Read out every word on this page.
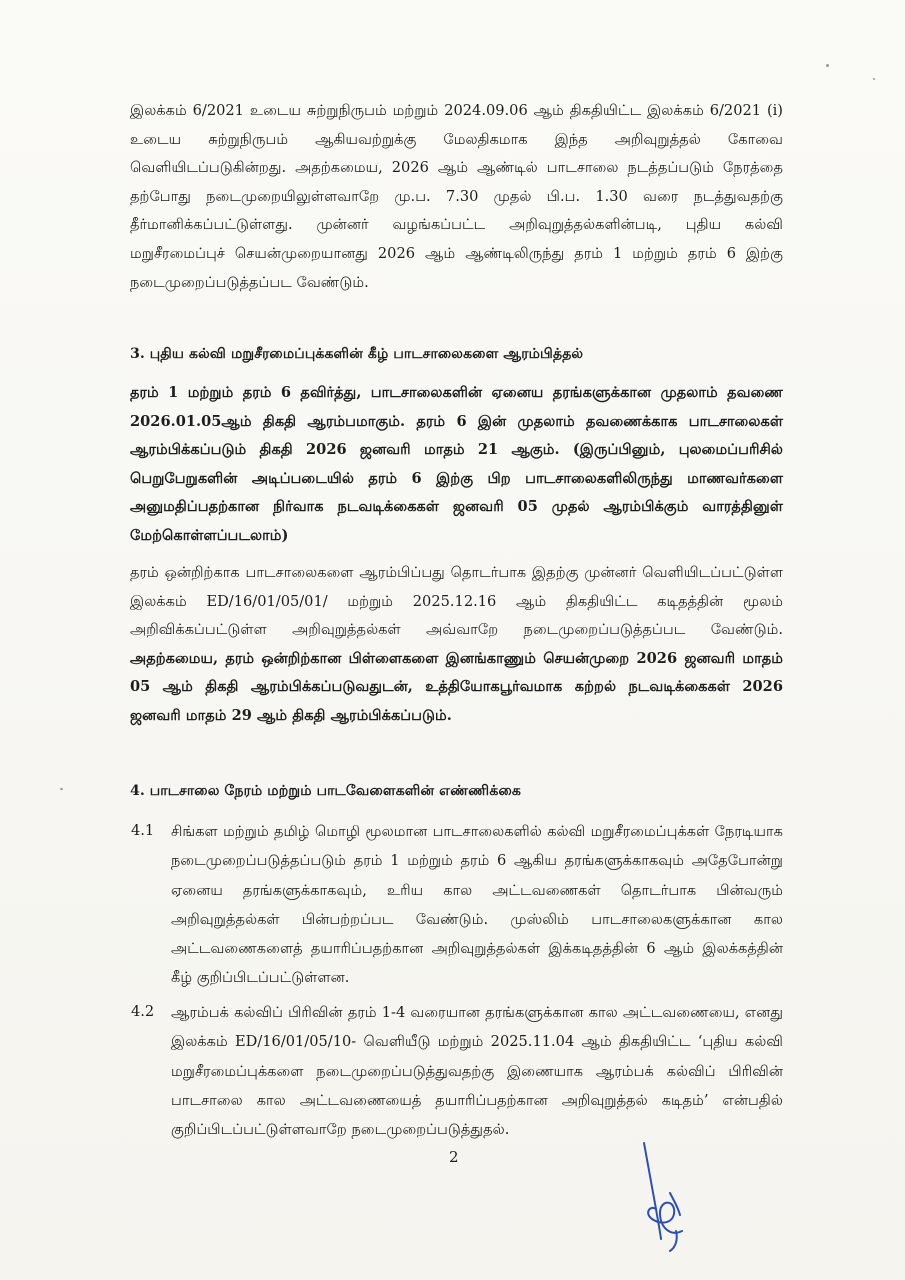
இலக்கம் 6/2021 உடைய சுற்றுநிருபம் மற்றும் 2024.09.06 ஆம் திகதியிட்ட இலக்கம் 6/2021 (i) உடைய சுற்றுநிருபம் ஆகியவற்றுக்கு மேலதிகமாக இந்த அறிவுறுத்தல் கோவை வெளியிடப்படுகின்றது. அதற்கமைய, 2026 ஆம் ஆண்டில் பாடசாலை நடத்தப்படும் நேரத்தை தற்போது நடைமுறையிலுள்ளவாறே மு.ப. 7.30 முதல் பி.ப. 1.30 வரை நடத்துவதற்கு தீர்மானிக்கப்பட்டுள்ளது. முன்னர் வழங்கப்பட்ட அறிவுறுத்தல்களின்படி, புதிய கல்வி மறுசீரமைப்புச் செயன்முறையானது 2026 ஆம் ஆண்டிலிருந்து தரம் 1 மற்றும் தரம் 6 இற்கு நடைமுறைப்படுத்தப்பட வேண்டும்.

3. புதிய கல்வி மறுசீரமைப்புக்களின் கீழ் பாடசாலைகளை ஆரம்பித்தல்

தரம் 1 மற்றும் தரம் 6 தவிர்த்து, பாடசாலைகளின் ஏனைய தரங்களுக்கான முதலாம் தவணை 2026.01.05ஆம் திகதி ஆரம்பமாகும். தரம் 6 இன் முதலாம் தவணைக்காக பாடசாலைகள் ஆரம்பிக்கப்படும் திகதி 2026 ஜனவரி மாதம் 21 ஆகும். (இருப்பினும், புலமைப்பரிசில் பெறுபேறுகளின் அடிப்படையில் தரம் 6 இற்கு பிற பாடசாலைகளிலிருந்து மாணவர்களை அனுமதிப்பதற்கான நிர்வாக நடவடிக்கைகள் ஜனவரி 05 முதல் ஆரம்பிக்கும் வாரத்தினுள் மேற்கொள்ளப்படலாம்)

தரம் ஒன்றிற்காக பாடசாலைகளை ஆரம்பிப்பது தொடர்பாக இதற்கு முன்னர் வெளியிடப்பட்டுள்ள இலக்கம் ED/16/01/05/01/ மற்றும் 2025.12.16 ஆம் திகதியிட்ட கடிதத்தின் மூலம் அறிவிக்கப்பட்டுள்ள அறிவுறுத்தல்கள் அவ்வாறே நடைமுறைப்படுத்தப்பட வேண்டும். அதற்கமைய, தரம் ஒன்றிற்கான பிள்ளைகளை இனங்காணும் செயன்முறை 2026 ஜனவரி மாதம் 05 ஆம் திகதி ஆரம்பிக்கப்படுவதுடன், உத்தியோகபூர்வமாக கற்றல் நடவடிக்கைகள் 2026 ஜனவரி மாதம் 29 ஆம் திகதி ஆரம்பிக்கப்படும்.

4. பாடசாலை நேரம் மற்றும் பாடவேளைகளின் எண்ணிக்கை
4.1 சிங்கள மற்றும் தமிழ் மொழி மூலமான பாடசாலைகளில் கல்வி மறுசீரமைப்புக்கள் நேரடியாக நடைமுறைப்படுத்தப்படும் தரம் 1 மற்றும் தரம் 6 ஆகிய தரங்களுக்காகவும் அதேபோன்று ஏனைய தரங்களுக்காகவும், உரிய கால அட்டவணைகள் தொடர்பாக பின்வரும் அறிவுறுத்தல்கள் பின்பற்றப்பட வேண்டும். முஸ்லிம் பாடசாலைகளுக்கான கால அட்டவணைகளைத் தயாரிப்பதற்கான அறிவுறுத்தல்கள் இக்கடிதத்தின் 6 ஆம் இலக்கத்தின் கீழ் குறிப்பிடப்பட்டுள்ளன.

4.2 ஆரம்பக் கல்விப் பிரிவின் தரம் 1-4 வரையான தரங்களுக்கான கால அட்டவணையை, எனது இலக்கம் ED/16/01/05/10- வெளியீடு மற்றும் 2025.11.04 ஆம் திகதியிட்ட ‘புதிய கல்வி மறுசீரமைப்புக்களை நடைமுறைப்படுத்துவதற்கு இணையாக ஆரம்பக் கல்விப் பிரிவின் பாடசாலை கால அட்டவணையைத் தயாரிப்பதற்கான அறிவுறுத்தல் கடிதம்’ என்பதில் குறிப்பிடப்பட்டுள்ளவாறே நடைமுறைப்படுத்துதல்.

2
